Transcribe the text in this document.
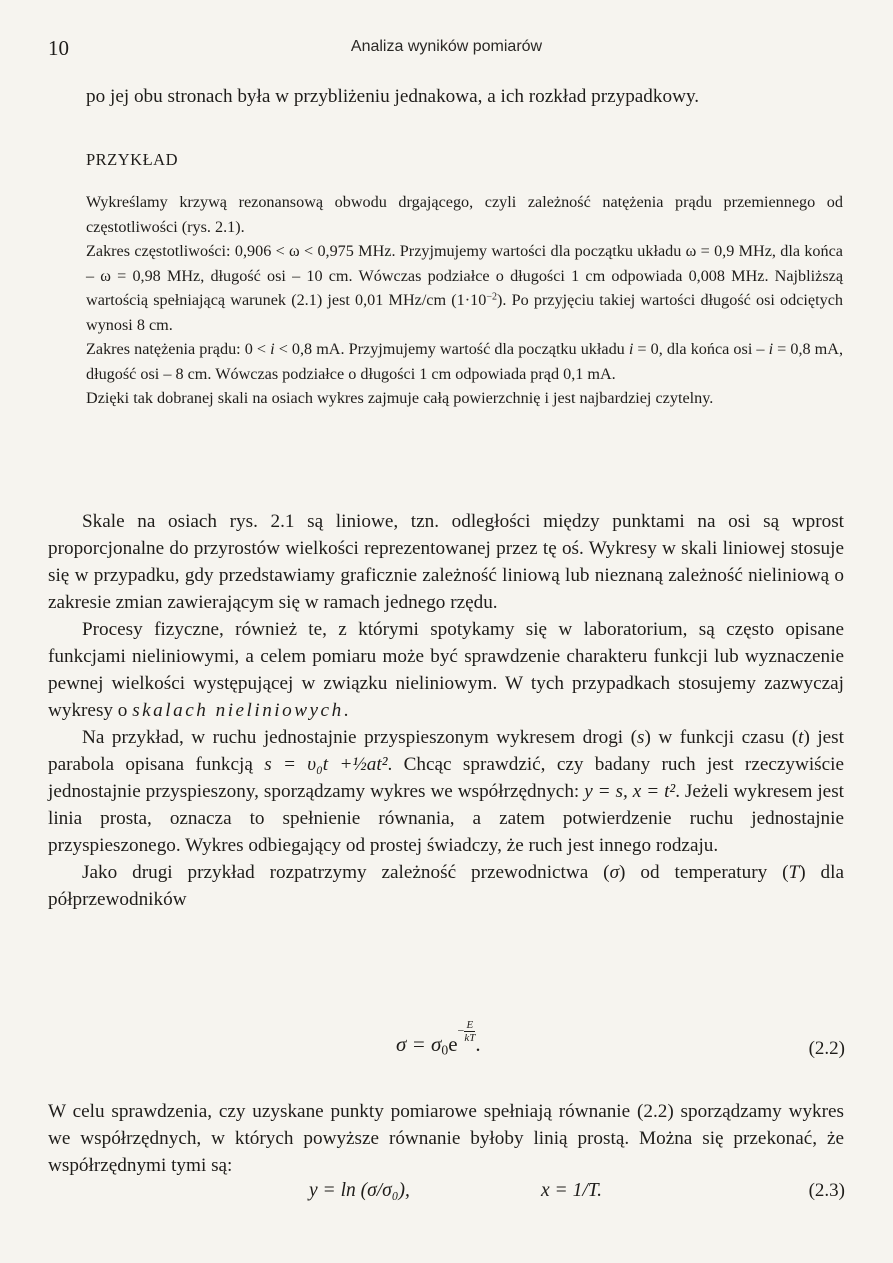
10	Analiza wyników pomiarów
po jej obu stronach była w przybliżeniu jednakowa, a ich rozkład przypadkowy.
PRZYKŁAD
Wykreślamy krzywą rezonansową obwodu drgającego, czyli zależność natężenia prądu przemiennego od częstotliwości (rys. 2.1).
Zakres częstotliwości: 0,906 < ω < 0,975 MHz. Przyjmujemy wartości dla początku układu ω = 0,9 MHz, dla końca – ω = 0,98 MHz, długość osi – 10 cm. Wówczas podziałce o długości 1 cm odpowiada 0,008 MHz. Najbliższą wartością spełniającą warunek (2.1) jest 0,01 MHz/cm $(1\cdot 10^{-2})$. Po przyjęciu takiej wartości długość osi odciętych wynosi 8 cm.
Zakres natężenia prądu: 0 < i < 0,8 mA. Przyjmujemy wartość dla początku układu i = 0, dla końca osi – i = 0,8 mA, długość osi – 8 cm. Wówczas podziałce o długości 1 cm odpowiada prąd 0,1 mA.
Dzięki tak dobranej skali na osiach wykres zajmuje całą powierzchnię i jest najbardziej czytelny.
Skale na osiach rys. 2.1 są liniowe, tzn. odległości między punktami na osi są wprost proporcjonalne do przyrostów wielkości reprezentowanej przez tę oś. Wykresy w skali liniowej stosuje się w przypadku, gdy przedstawiamy graficznie zależność liniową lub nieznaną zależność nieliniową o zakresie zmian zawierającym się w ramach jednego rzędu.
Procesy fizyczne, również te, z którymi spotykamy się w laboratorium, są często opisane funkcjami nieliniowymi, a celem pomiaru może być sprawdzenie charakteru funkcji lub wyznaczenie pewnej wielkości występującej w związku nieliniowym. W tych przypadkach stosujemy zazwyczaj wykresy o skalach nieliniowych.
Na przykład, w ruchu jednostajnie przyspieszonym wykresem drogi (s) w funkcji czasu (t) jest parabola opisana funkcją s = υ₀t +½at². Chcąc sprawdzić, czy badany ruch jest rzeczywiście jednostajnie przyspieszony, sporządzamy wykres we współrzędnych: y = s, x = t². Jeżeli wykresem jest linia prosta, oznacza to spełnienie równania, a zatem potwierdzenie ruchu jednostajnie przyspieszonego. Wykres odbiegający od prostej świadczy, że ruch jest innego rodzaju.
Jako drugi przykład rozpatrzymy zależność przewodnictwa (σ) od temperatury (T) dla półprzewodników
$\sigma = \sigma_0e- \frac{E}{kT}$
.	(2.2)
W celu sprawdzenia, czy uzyskane punkty pomiarowe spełniają równanie (2.2) sporządzamy wykres we współrzędnych, w których powyższe równanie byłoby linią prostą. Można się przekonać, że współrzędnymi tymi są:
y = ln (σ/σ₀),	x = 1/T.	(2.3)
